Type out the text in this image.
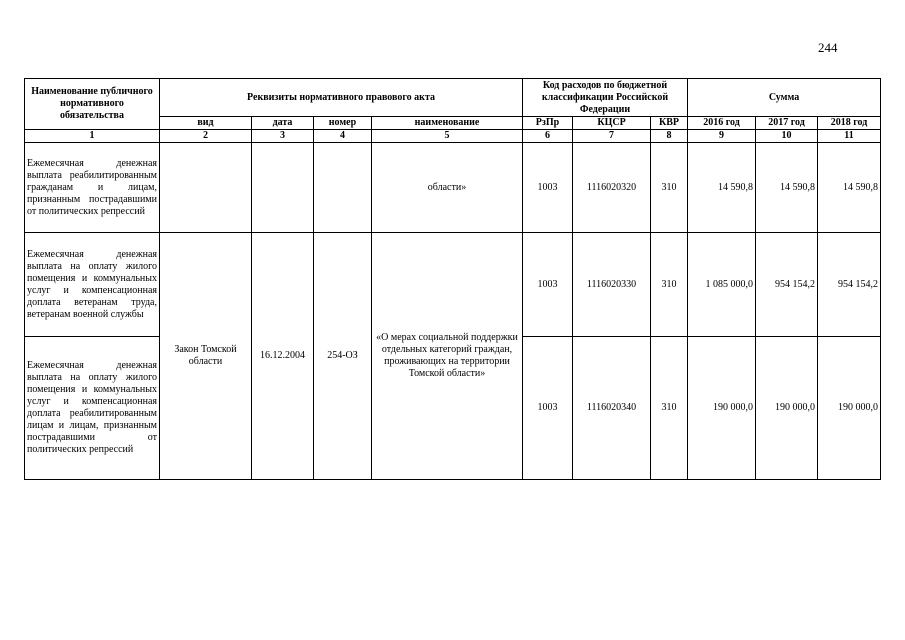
244
Наименование публичного нормативного обязательства	Реквизиты нормативного правового акта				Код расходов по бюджетной классификации Российской Федерации			Сумма		
	вид	дата	номер	наименование	РзПр	КЦСР	КВР	2016 год	2017 год	2018 год
1	2	3	4	5	6	7	8	9	10	11
Ежемесячная денежная выплата реабилитированным гражданам и лицам, признанным пострадавшими от политических репрессий				области»	1003	1116020320	310	14 590,8	14 590,8	14 590,8
Ежемесячная денежная выплата на оплату жилого помещения и коммунальных услуг и компенсационная доплата ветеранам труда, ветеранам военной службы	Закон Томской области	16.12.2004	254-ОЗ	«О мерах социальной поддержки отдельных категорий граждан, проживающих на территории Томской области»	1003	1116020330	310	1 085 000,0	954 154,2	954 154,2
Ежемесячная денежная выплата на оплату жилого помещения и коммунальных услуг и компенсационная доплата реабилитированным лицам и лицам, признанным пострадавшими от политических репрессий					1003	1116020340	310	190 000,0	190 000,0	190 000,0
